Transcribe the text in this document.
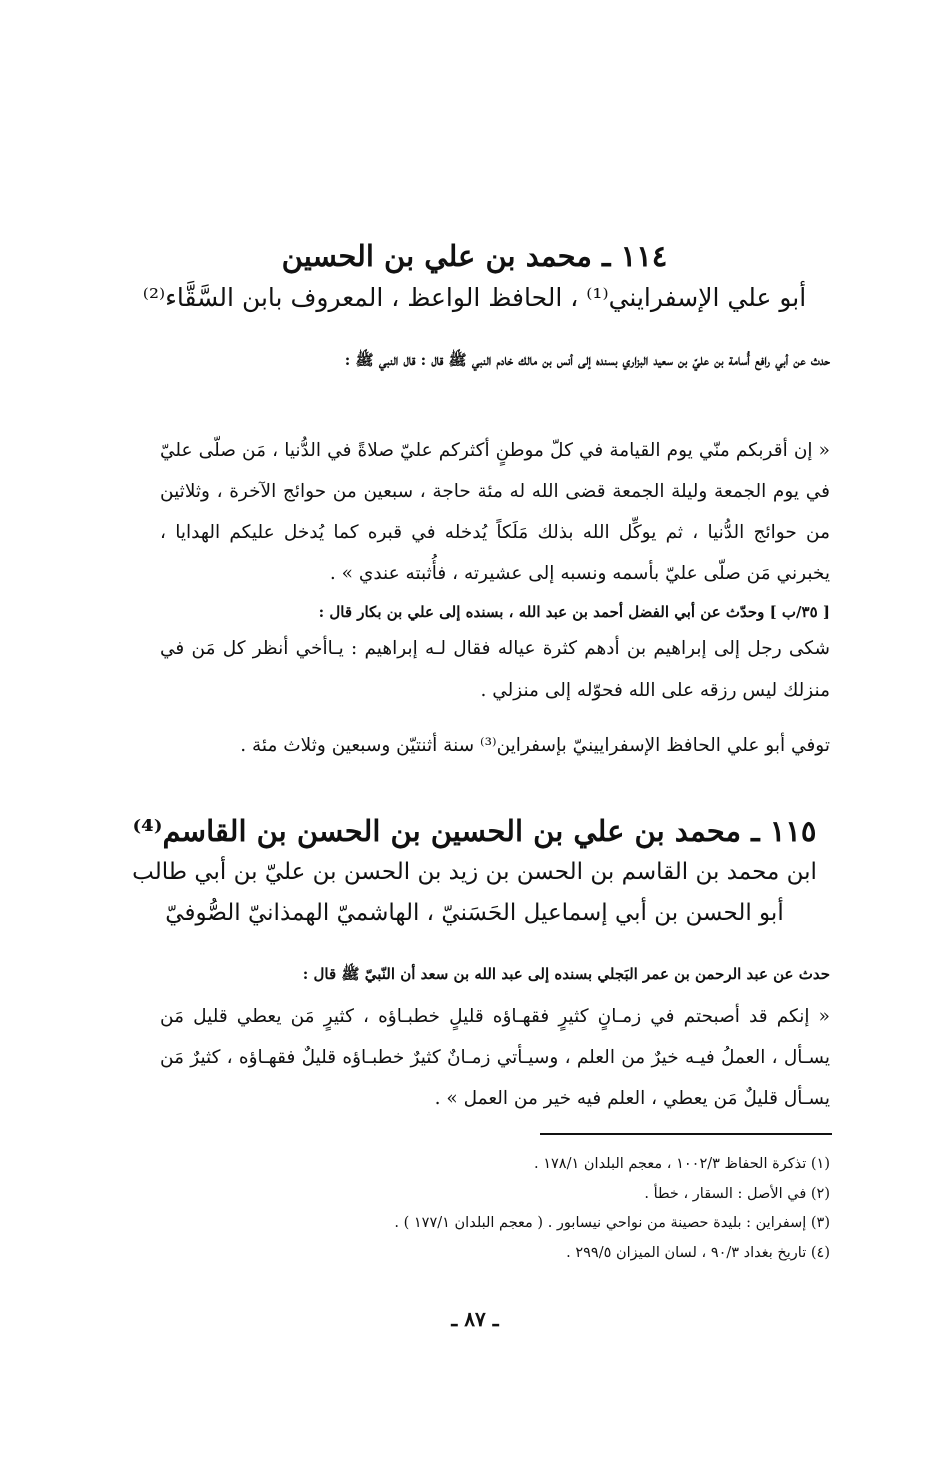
١١٤ ـ محمد بن علي بن الحسين
أبو علي الإسفرايني⁽¹⁾ ، الحافظ الواعظ ، المعروف بابن السَّقَّاء⁽²⁾
حدث عن أبي رافع أُسامة بن عليّ بن سعيد البزاري بسنده إلى أنس بن مالك خادم النبي ﷺ قال : قال النبي ﷺ :
« إن أقربكم منّي يوم القيامة في كلّ موطنٍ أكثركم عليّ صلاةً في الدُّنيا ، مَن صلّى عليّ في يوم الجمعة وليلة الجمعة قضى الله له مئة حاجة ، سبعين من حوائج الآخرة ، وثلاثين من حوائج الدُّنيا ، ثم يوكِّل الله بذلك مَلَكاً يُدخله في قبره كما يُدخل عليكم الهدايا ، يخبرني مَن صلّى عليّ بأسمه ونسبه إلى عشيرته ، فأُثبته عندي » .
[ ٣٥/ب ] وحدّث عن أبي الفضل أحمد بن عبد الله ، بسنده إلى علي بن بكار قال :
شكى رجل إلى إبراهيم بن أدهم كثرة عياله فقال لـه إبراهيم : يـاأخي أنظر كل مَن في منزلك ليس رزقه على الله فحوّله إلى منزلي .
توفي أبو علي الحافظ الإسفرايينيّ بإسفراين⁽³⁾ سنة أثنتيّن وسبعين وثلاث مئة .
١١٥ ـ محمد بن علي بن الحسين بن الحسن بن القاسم⁽⁴⁾
ابن محمد بن القاسم بن الحسن بن زيد بن الحسن بن عليّ بن أبي طالب
أبو الحسن بن أبي إسماعيل الحَسَنيّ ، الهاشميّ الهمذانيّ الصُّوفيّ
حدث عن عبد الرحمن بن عمر البَجلي بسنده إلى عبد الله بن سعد أن النّبيّ ﷺ قال :
« إنكم قد أصبحتم في زمـانٍ كثيرٍ فقهـاؤه قليلٍ خطبـاؤه ، كثيرٍ مَن يعطي قليل مَن يسـأل ، العملُ فيـه خيرٌ من العلم ، وسيـأتي زمـانٌ كثيرٌ خطبـاؤه قليلٌ فقهـاؤه ، كثيرٌ مَن يسـأل قليلٌ مَن يعطي ، العلم فيه خير من العمل » .

(١) تذكرة الحفاظ ١٠٠٢/٣ ، معجم البلدان ١٧٨/١ .

(٢) في الأصل : السقار ، خطأ .

(٣) إسفراين : بليدة حصينة من نواحي نيسابور . ( معجم البلدان ١٧٧/١ ) .

(٤) تاريخ بغداد ٩٠/٣ ، لسان الميزان ٢٩٩/٥ .

ـ ٨٧ ـ
